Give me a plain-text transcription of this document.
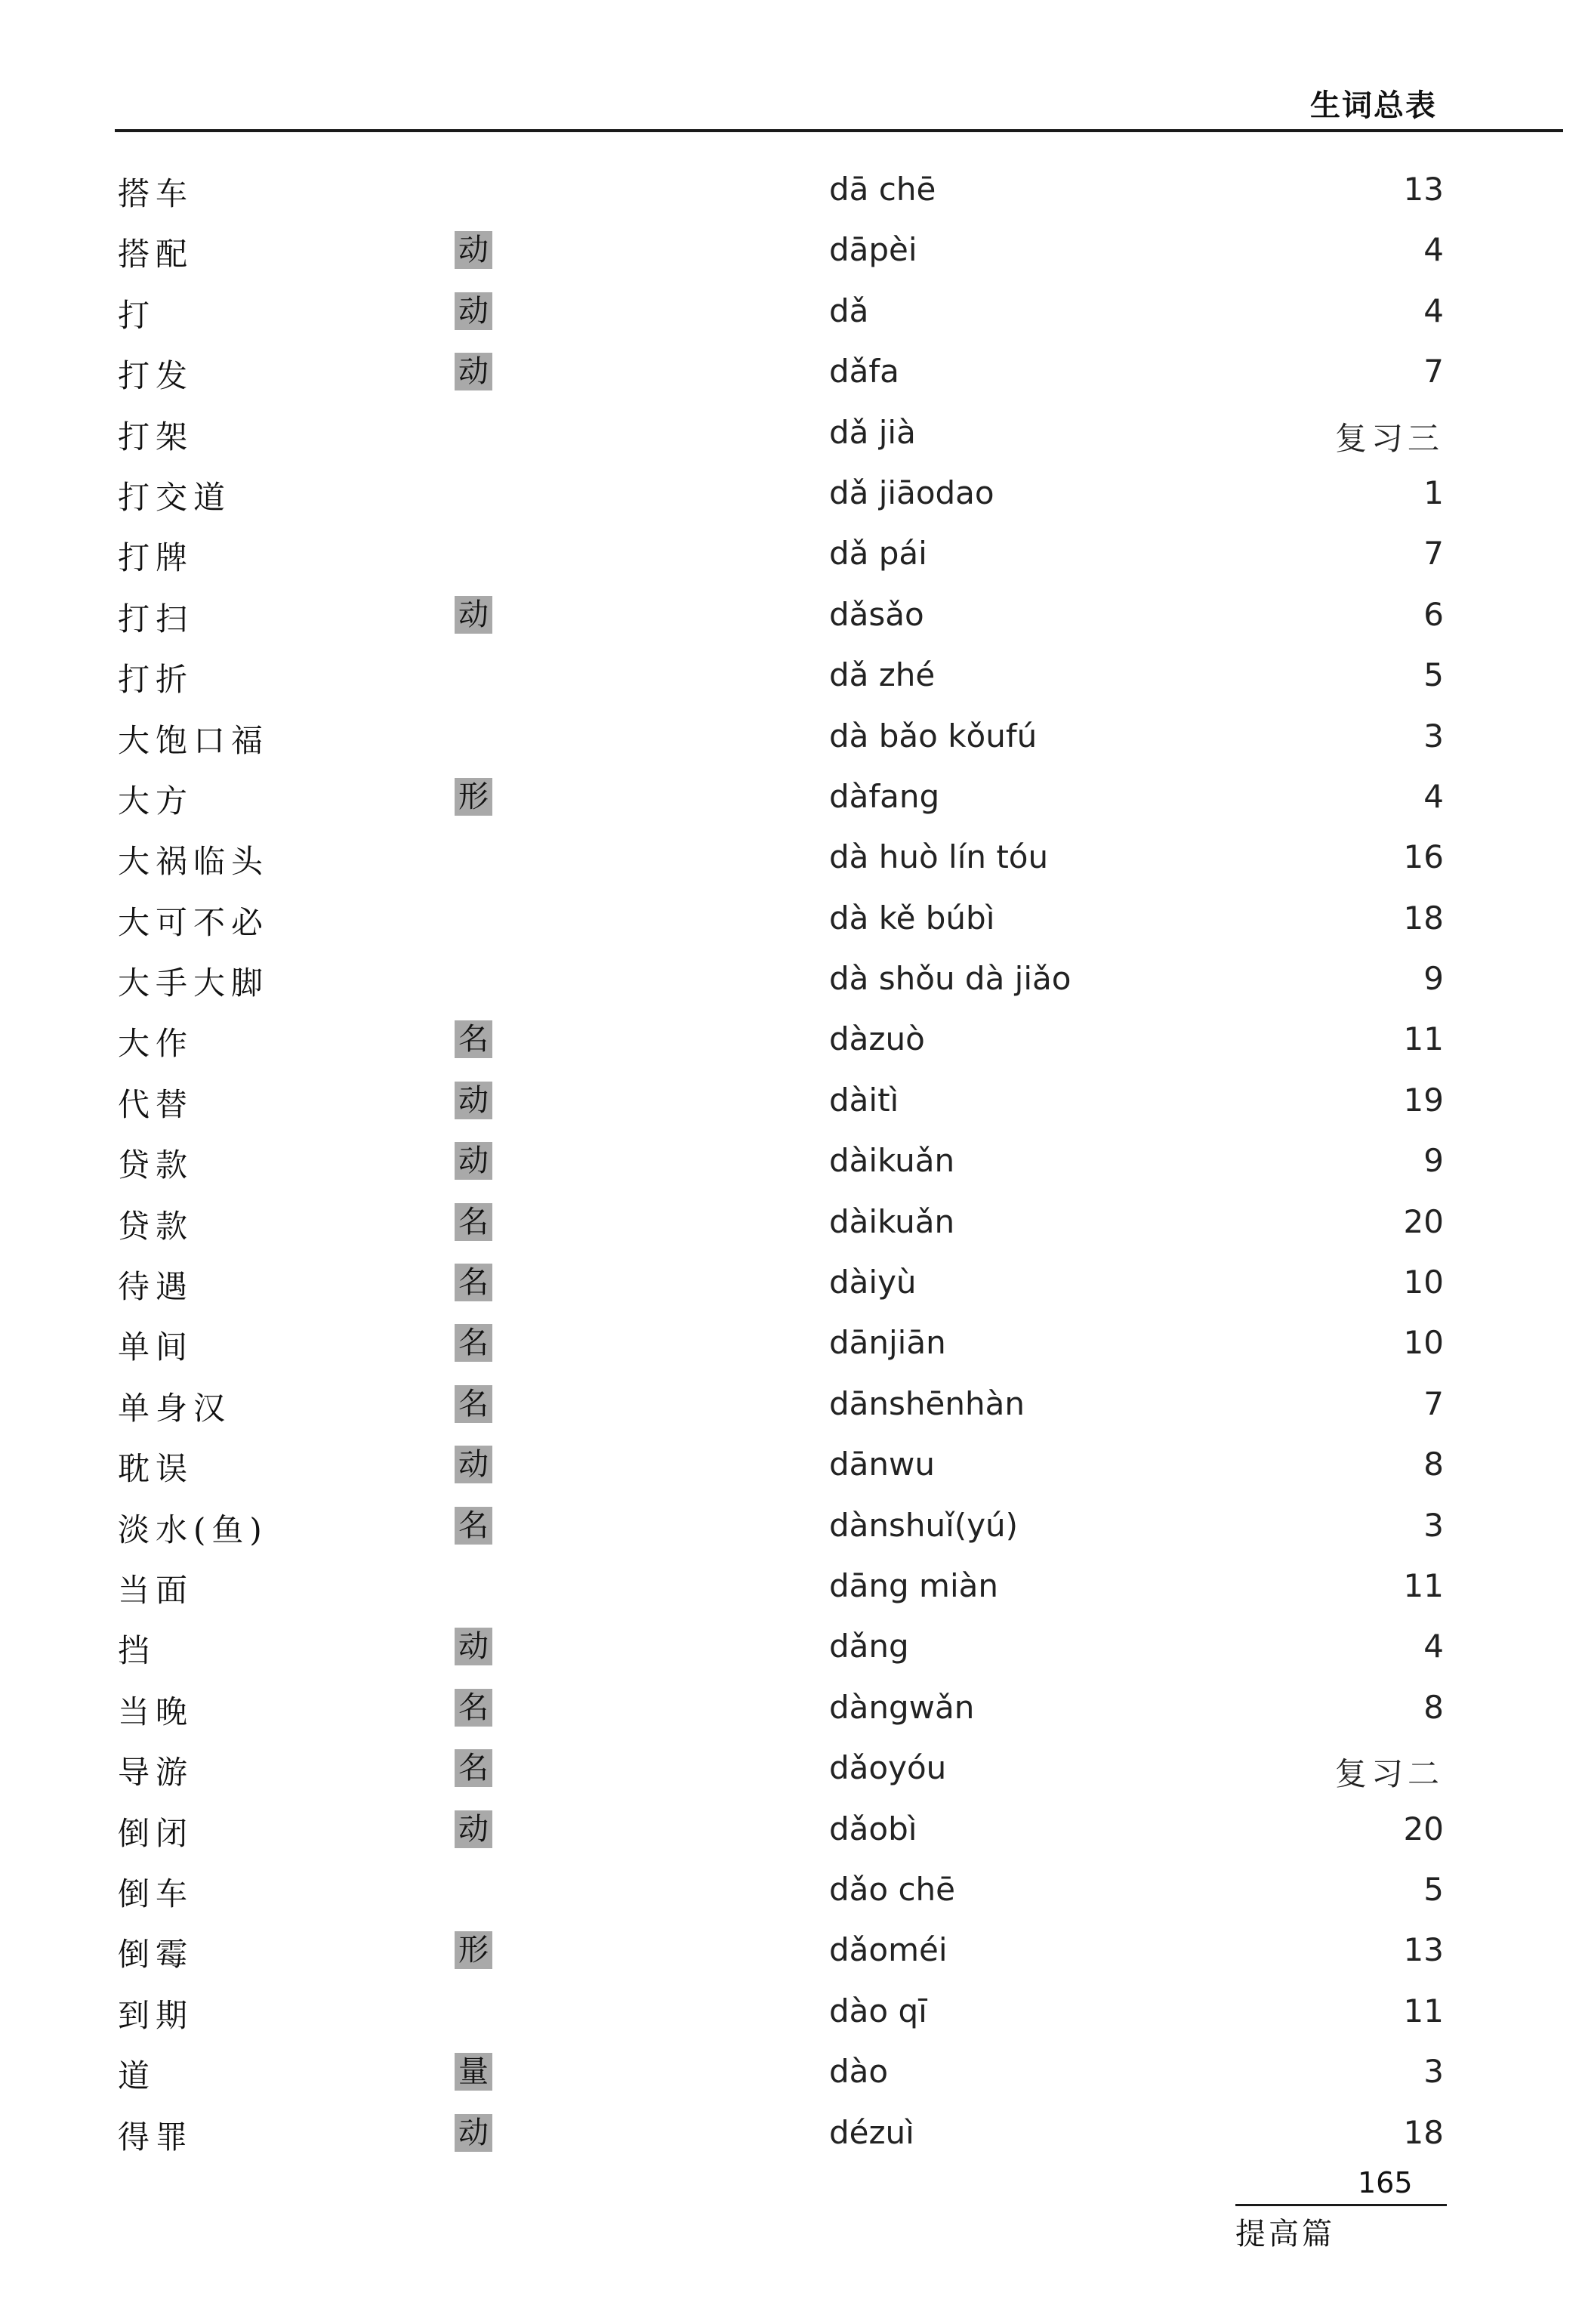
生词总表
搭车	dā chē	13
搭配	动	dāpèi	4
打	动	dǎ	4
打发	动	dǎfa	7
打架	dǎ jià	复习三
打交道	dǎ jiāodao	1
打牌	dǎ pái	7
打扫	动	dǎsǎo	6
打折	dǎ zhé	5
大饱口福	dà bǎo kǒufú	3
大方	形	dàfang	4
大祸临头	dà huò lín tóu	16
大可不必	dà kě búbì	18
大手大脚	dà shǒu dà jiǎo	9
大作	名	dàzuò	11
代替	动	dàitì	19
贷款	动	dàikuǎn	9
贷款	名	dàikuǎn	20
待遇	名	dàiyù	10
单间	名	dānjiān	10
单身汉	名	dānshēnhàn	7
耽误	动	dānwu	8
淡水(鱼)	名	dànshuǐ(yú)	3
当面	dāng miàn	11
挡	动	dǎng	4
当晚	名	dàngwǎn	8
导游	名	dǎoyóu	复习二
倒闭	动	dǎobì	20
倒车	dǎo chē	5
倒霉	形	dǎoméi	13
到期	dào qī	11
道	量	dào	3
得罪	动	dézuì	18
165
提高篇
